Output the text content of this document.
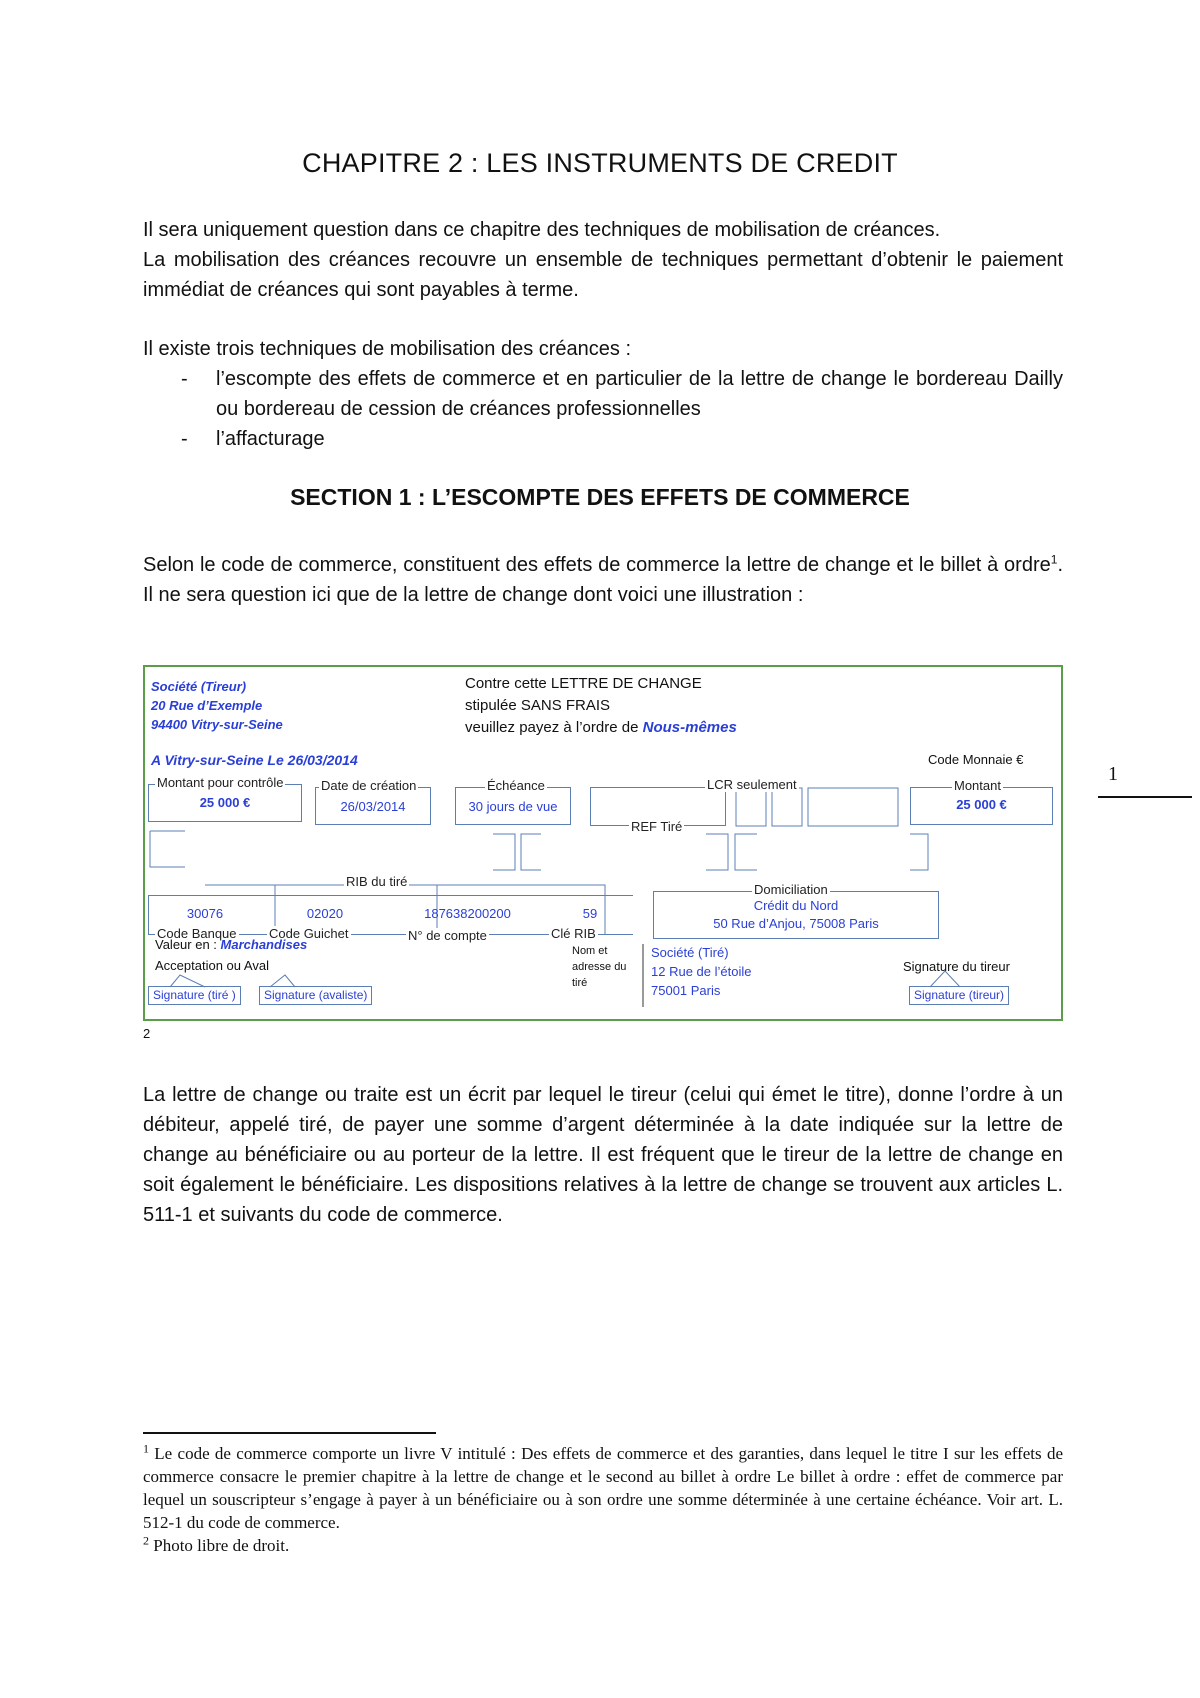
CHAPITRE 2 : LES INSTRUMENTS DE CREDIT
Il sera uniquement question dans ce chapitre des techniques de mobilisation de créances.
La mobilisation des créances recouvre un ensemble de techniques permettant d’obtenir le paiement immédiat de créances qui sont payables à terme.
Il existe trois techniques de mobilisation des créances :
- l’escompte des effets de commerce et en particulier de la lettre de change le bordereau Dailly ou bordereau de cession de créances professionnelles
- l’affacturage
SECTION 1 : L’ESCOMPTE DES EFFETS DE COMMERCE
Selon le code de commerce, constituent des effets de commerce la lettre de change et le billet à ordre$^1$. Il ne sera question ici que de la lettre de change dont voici une illustration :
Société (Tireur)
20 Rue d’Exemple
94400 Vitry-sur-Seine
Contre cette LETTRE DE CHANGE
stipulée SANS FRAIS
veuillez payez à l’ordre de Nous-mêmes
A Vitry-sur-Seine Le 26/03/2014	Code Monnaie €
Montant pour contrôle
25 000 €
Date de création
26/03/2014
Échéance
30 jours de vue
LCR seulement
REF Tiré
Montant
25 000 €
RIB du tiré
30076	02020	187638200200	59
Code Banque Code Guichet	N° de compte	Clé RIB
Domiciliation
Crédit du Nord
50 Rue d’Anjou, 75008 Paris
Valeur en : Marchandises
Acceptation ou Aval
Nom et
adresse du
tiré
Société (Tiré)
12 Rue de l’étoile
75001 Paris
Signature du tireur
Signature (tiré )	Signature (avaliste)	Signature (tireur)
2
La lettre de change ou traite est un écrit par lequel le tireur (celui qui émet le titre), donne l’ordre à un débiteur, appelé tiré, de payer une somme d’argent déterminée à la date indiquée sur la lettre de change au bénéficiaire ou au porteur de la lettre. Il est fréquent que le tireur de la lettre de change en soit également le bénéficiaire. Les dispositions relatives à la lettre de change se trouvent aux articles L. 511-1 et suivants du code de commerce.
1
$^1$ Le code de commerce comporte un livre V intitulé : Des effets de commerce et des garanties, dans lequel le titre I sur les effets de commerce consacre le premier chapitre à la lettre de change et le second au billet à ordre Le billet à ordre : effet de commerce par lequel un souscripteur s’engage à payer à un bénéficiaire ou à son ordre une somme déterminée à une certaine échéance. Voir art. L. 512-1 du code de commerce.
$^2$ Photo libre de droit.
